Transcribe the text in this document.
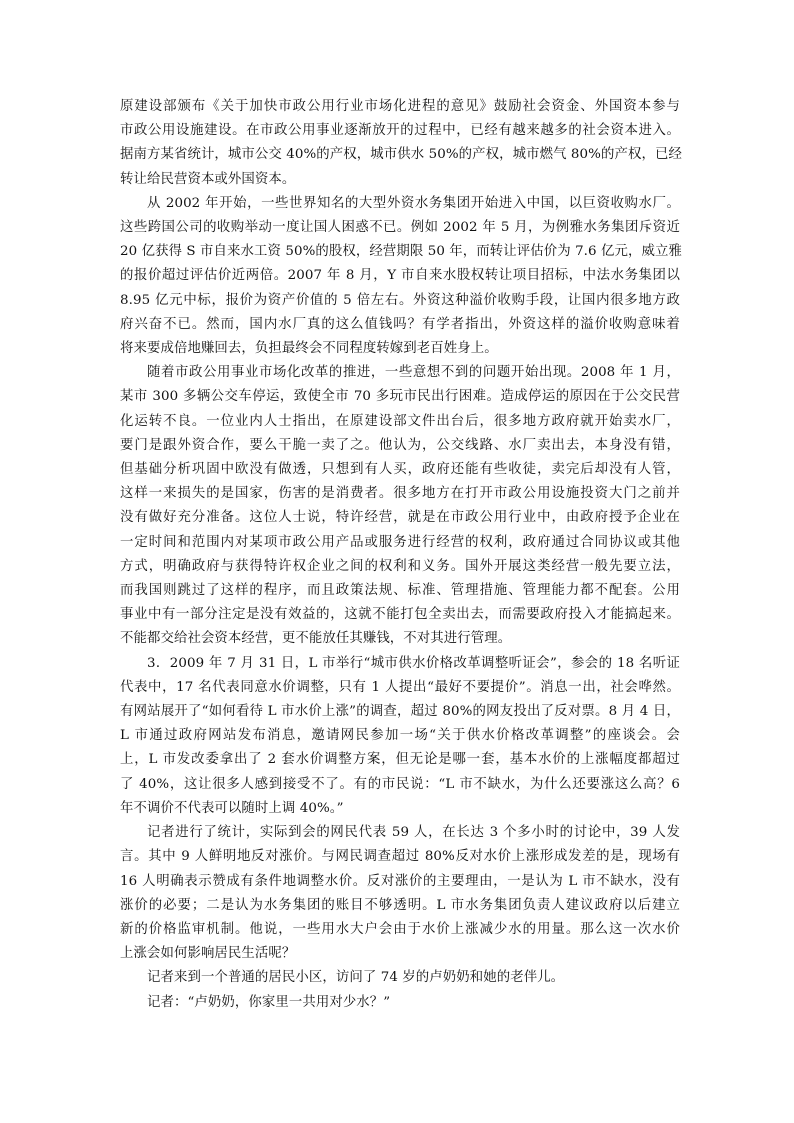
原建设部颁布《关于加快市政公用行业市场化进程的意见》鼓励社会资金、外国资本参与
市政公用设施建设。在市政公用事业逐渐放开的过程中，已经有越来越多的社会资本进入。
据南方某省统计，城市公交 40%的产权，城市供水 50%的产权，城市燃气 80%的产权，已经
转让给民营资本或外国资本。
从 2002 年开始，一些世界知名的大型外资水务集团开始进入中国，以巨资收购水厂。
这些跨国公司的收购举动一度让国人困惑不已。例如 2002 年 5 月，为例雅水务集团斥资近
20 亿获得 S 市自来水工资 50%的股权，经营期限 50 年，而转让评估价为 7.6 亿元，威立雅
的报价超过评估价近两倍。2007 年 8 月，Y 市自来水股权转让项目招标，中法水务集团以
8.95 亿元中标，报价为资产价值的 5 倍左右。外资这种溢价收购手段，让国内很多地方政
府兴奋不已。然而，国内水厂真的这么值钱吗？有学者指出，外资这样的溢价收购意味着
将来要成倍地赚回去，负担最终会不同程度转嫁到老百姓身上。
随着市政公用事业市场化改革的推进，一些意想不到的问题开始出现。2008 年 1 月，
某市 300 多辆公交车停运，致使全市 70 多玩市民出行困难。造成停运的原因在于公交民营
化运转不良。一位业内人士指出，在原建设部文件出台后，很多地方政府就开始卖水厂，
要门是跟外资合作，要么干脆一卖了之。他认为，公交线路、水厂卖出去，本身没有错，
但基础分析巩固中欧没有做透，只想到有人买，政府还能有些收徒，卖完后却没有人管，
这样一来损失的是国家，伤害的是消费者。很多地方在打开市政公用设施投资大门之前并
没有做好充分准备。这位人士说，特许经营，就是在市政公用行业中，由政府授予企业在
一定时间和范围内对某项市政公用产品或服务进行经营的权利，政府通过合同协议或其他
方式，明确政府与获得特许权企业之间的权利和义务。国外开展这类经营一般先要立法，
而我国则跳过了这样的程序，而且政策法规、标准、管理措施、管理能力都不配套。公用
事业中有一部分注定是没有效益的，这就不能打包全卖出去，而需要政府投入才能搞起来。
不能都交给社会资本经营，更不能放任其赚钱，不对其进行管理。
3．2009 年 7 月 31 日，L 市举行“城市供水价格改革调整听证会”，参会的 18 名听证
代表中，17 名代表同意水价调整，只有 1 人提出“最好不要提价”。消息一出，社会哗然。
有网站展开了“如何看待 L 市水价上涨”的调查，超过 80%的网友投出了反对票。8 月 4 日，
L 市通过政府网站发布消息，邀请网民参加一场“关于供水价格改革调整”的座谈会。会
上，L 市发改委拿出了 2 套水价调整方案，但无论是哪一套，基本水价的上涨幅度都超过
了 40%，这让很多人感到接受不了。有的市民说：“L 市不缺水，为什么还要涨这么高？6
年不调价不代表可以随时上调 40%。”
记者进行了统计，实际到会的网民代表 59 人，在长达 3 个多小时的讨论中，39 人发
言。其中 9 人鲜明地反对涨价。与网民调查超过 80%反对水价上涨形成发差的是，现场有
16 人明确表示赞成有条件地调整水价。反对涨价的主要理由，一是认为 L 市不缺水，没有
涨价的必要；二是认为水务集团的账目不够透明。L 市水务集团负责人建议政府以后建立
新的价格监审机制。他说，一些用水大户会由于水价上涨减少水的用量。那么这一次水价
上涨会如何影响居民生活呢？
记者来到一个普通的居民小区，访问了 74 岁的卢奶奶和她的老伴儿。
记者：“卢奶奶，你家里一共用对少水？”
